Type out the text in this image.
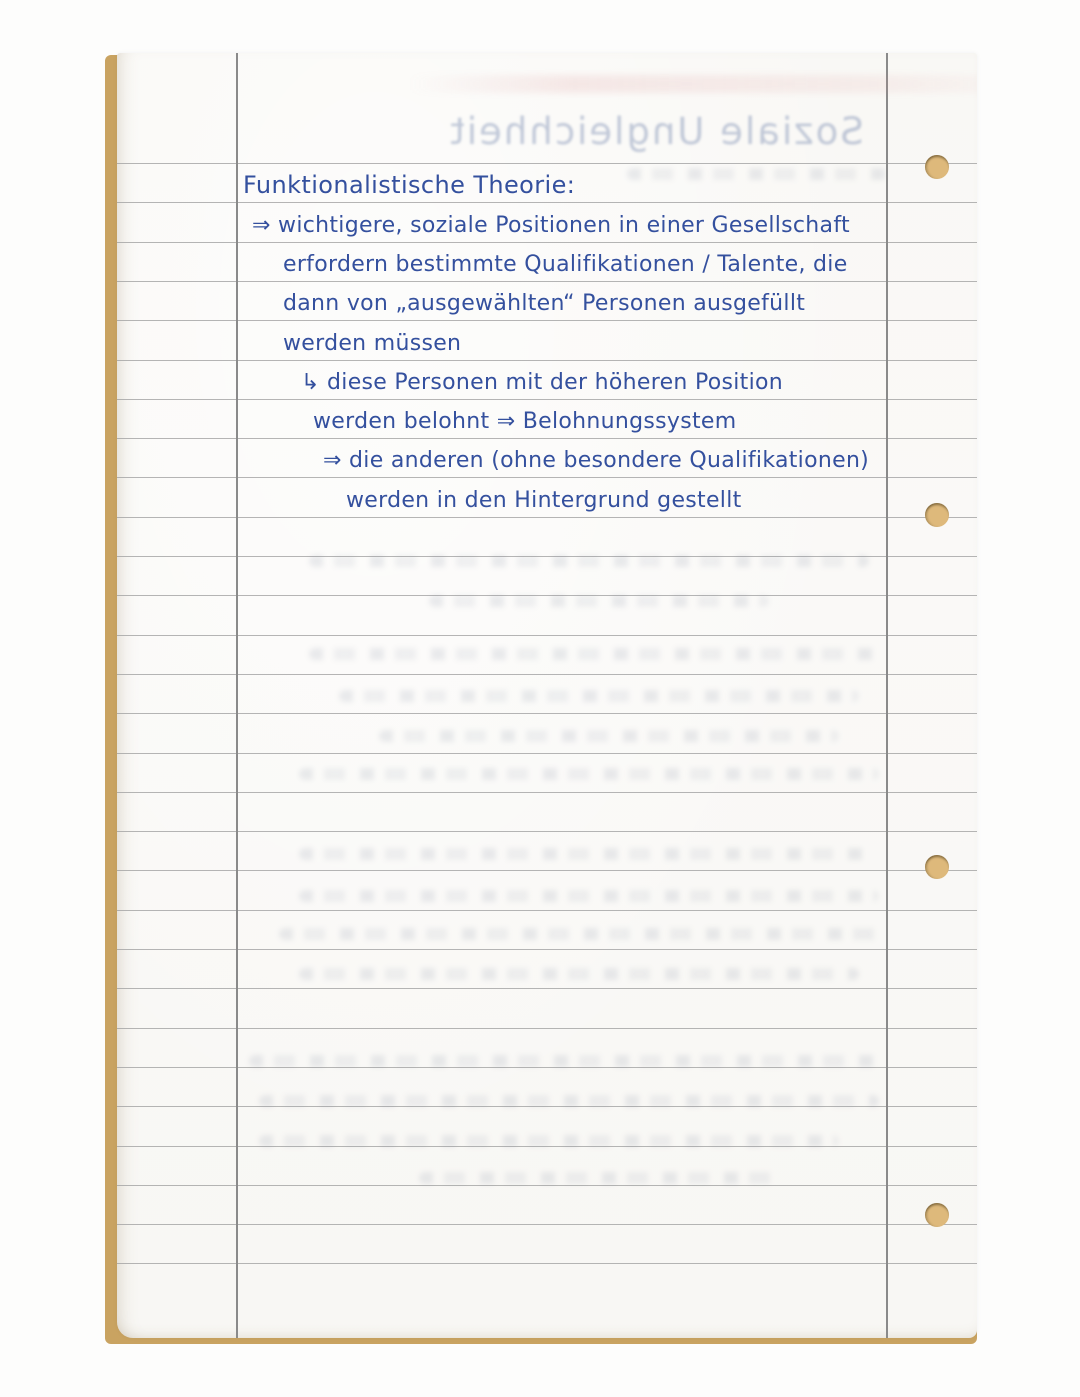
Soziale Ungleichheit
Funktionalistische Theorie:
⇒ wichtigere, soziale Positionen in einer Gesellschaft
erfordern bestimmte Qualifikationen / Talente, die
dann von „ausgewählten“ Personen ausgefüllt
werden müssen
↳ diese Personen mit der höheren Position
werden belohnt ⇒ Belohnungssystem
⇒ die anderen (ohne besondere Qualifikationen)
werden in den Hintergrund gestellt
